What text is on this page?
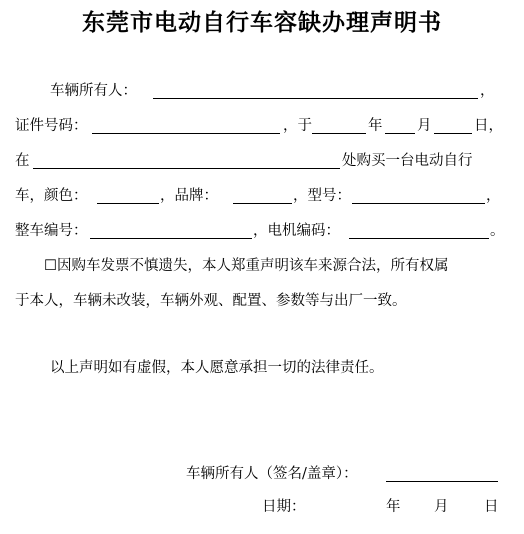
东莞市电动自行车容缺办理声明书
车辆所有人：	，
证件号码：	，于	年 月	日，
在	处购买一台电动自行
车，颜色：	，品牌：	，型号：	，
整车编号：	，电机编码：	。
☐因购车发票不慎遗失，本人郑重声明该车来源合法，所有权属
于本人，车辆未改装，车辆外观、配置、参数等与出厂一致。
以上声明如有虚假，本人愿意承担一切的法律责任。
车辆所有人（签名/盖章）：
日期：	年 月 日
